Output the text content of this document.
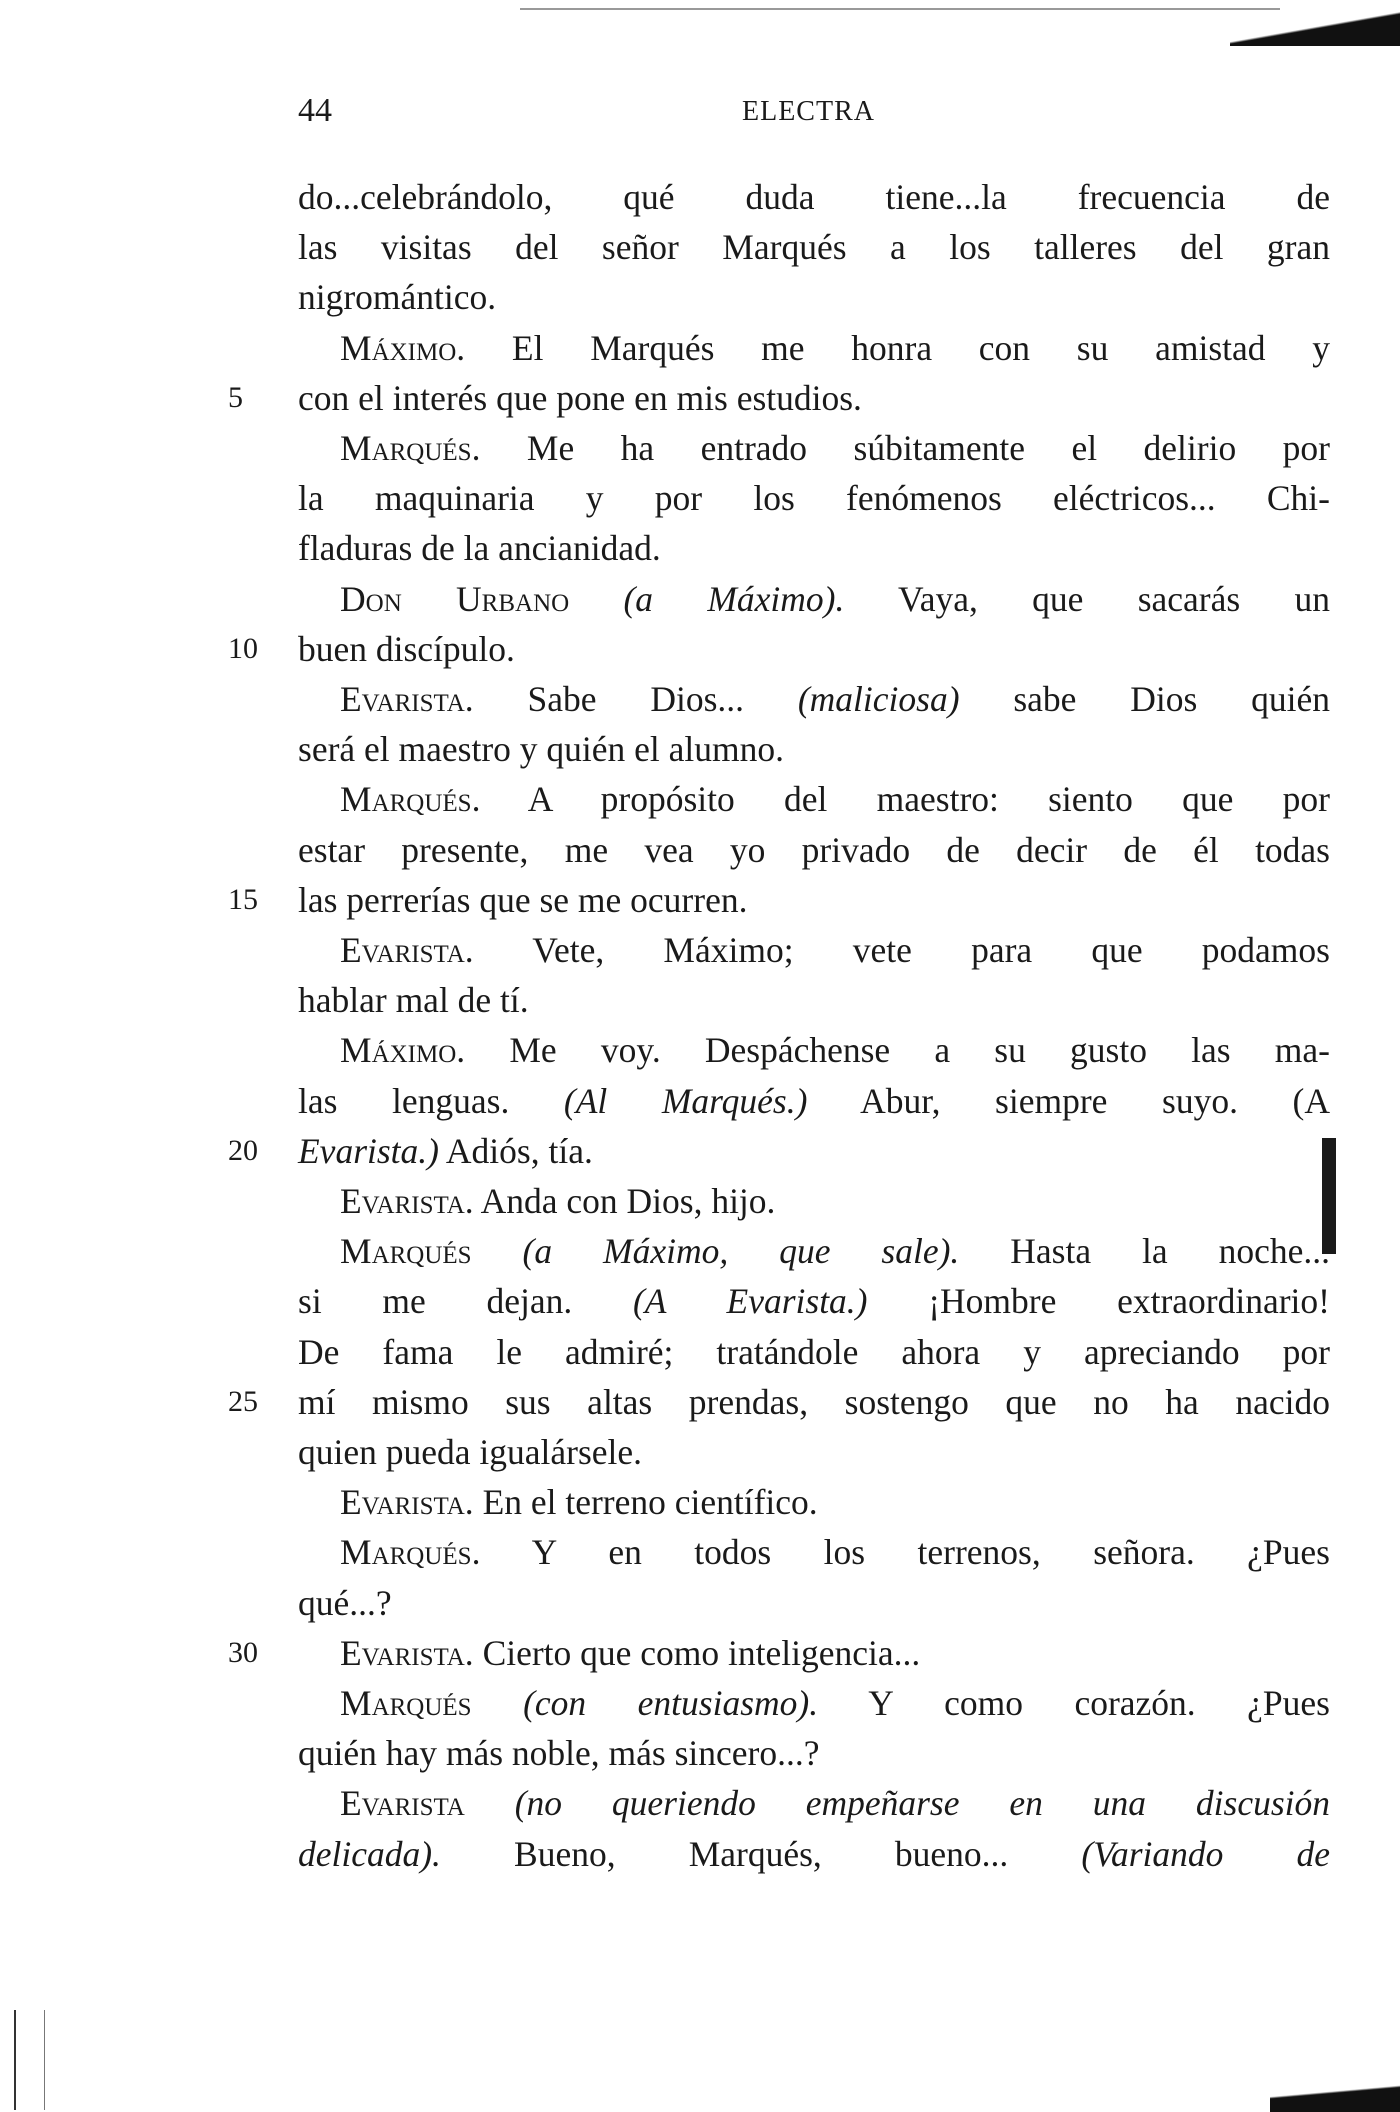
44	ELECTRA
do...celebrándolo, qué duda tiene...la frecuencia de
las visitas del señor Marqués a los talleres del gran
nigromántico.
Máximo. El Marqués me honra con su amistad y
5	con el interés que pone en mis estudios.
Marqués. Me ha entrado súbitamente el delirio por
la maquinaria y por los fenómenos eléctricos... Chi-
fladuras de la ancianidad.
Don Urbano (a Máximo). Vaya, que sacarás un
10	buen discípulo.
Evarista. Sabe Dios... (maliciosa) sabe Dios quién
será el maestro y quién el alumno.
Marqués. A propósito del maestro: siento que por
estar presente, me vea yo privado de decir de él todas
15	las perrerías que se me ocurren.
Evarista. Vete, Máximo; vete para que podamos
hablar mal de tí.
Máximo. Me voy. Despáchense a su gusto las ma-
las lenguas. (Al Marqués.) Abur, siempre suyo. (A
20	Evarista.) Adiós, tía.
Evarista. Anda con Dios, hijo.
Marqués (a Máximo, que sale). Hasta la noche...
si me dejan. (A Evarista.) ¡Hombre extraordinario!
De fama le admiré; tratándole ahora y apreciando por
25	mí mismo sus altas prendas, sostengo que no ha nacido
quien pueda igualársele.
Evarista. En el terreno científico.
Marqués. Y en todos los terrenos, señora. ¿Pues
qué...?
30	Evarista. Cierto que como inteligencia...
Marqués (con entusiasmo). Y como corazón. ¿Pues
quién hay más noble, más sincero...?
Evarista (no queriendo empeñarse en una discusión
delicada). Bueno, Marqués, bueno... (Variando de
